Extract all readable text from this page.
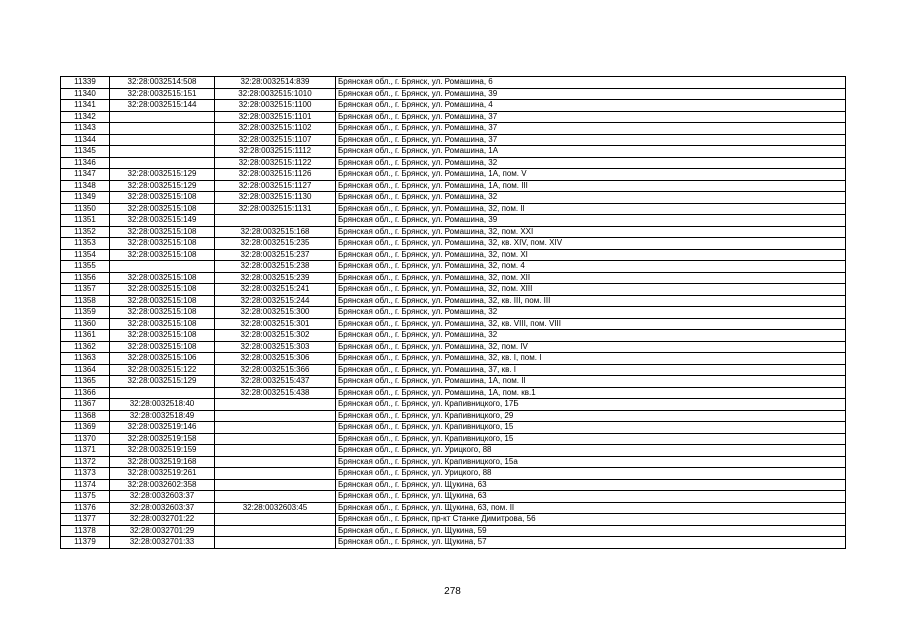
11339	32:28:0032514:508	32:28:0032514:839	Брянская обл., г. Брянск, ул. Ромашина, 6
11340	32:28:0032515:151	32:28:0032515:1010	Брянская обл., г. Брянск, ул. Ромашина, 39
11341	32:28:0032515:144	32:28:0032515:1100	Брянская обл., г. Брянск, ул. Ромашина, 4
11342		32:28:0032515:1101	Брянская обл., г. Брянск, ул. Ромашина, 37
11343		32:28:0032515:1102	Брянская обл., г. Брянск, ул. Ромашина, 37
11344		32:28:0032515:1107	Брянская обл., г. Брянск, ул. Ромашина, 37
11345		32:28:0032515:1112	Брянская обл., г. Брянск, ул. Ромашина, 1А
11346		32:28:0032515:1122	Брянская обл., г. Брянск, ул. Ромашина, 32
11347	32:28:0032515:129	32:28:0032515:1126	Брянская обл., г. Брянск, ул. Ромашина, 1А, пом. V
11348	32:28:0032515:129	32:28:0032515:1127	Брянская обл., г. Брянск, ул. Ромашина, 1А, пом. III
11349	32:28:0032515:108	32:28:0032515:1130	Брянская обл., г. Брянск, ул. Ромашина, 32
11350	32:28:0032515:108	32:28:0032515:1131	Брянская обл., г. Брянск, ул. Ромашина, 32, пом. II
11351	32:28:0032515:149		Брянская обл., г. Брянск, ул. Ромашина, 39
11352	32:28:0032515:108	32:28:0032515:168	Брянская обл., г. Брянск, ул. Ромашина, 32, пом. XXI
11353	32:28:0032515:108	32:28:0032515:235	Брянская обл., г. Брянск, ул. Ромашина, 32, кв. XIV, пом. XIV
11354	32:28:0032515:108	32:28:0032515:237	Брянская обл., г. Брянск, ул. Ромашина, 32, пом. XI
11355		32:28:0032515:238	Брянская обл., г. Брянск, ул. Ромашина, 32, пом. 4
11356	32:28:0032515:108	32:28:0032515:239	Брянская обл., г. Брянск, ул. Ромашина, 32, пом. XII
11357	32:28:0032515:108	32:28:0032515:241	Брянская обл., г. Брянск, ул. Ромашина, 32, пом. XIII
11358	32:28:0032515:108	32:28:0032515:244	Брянская обл., г. Брянск, ул. Ромашина, 32, кв. III, пом. III
11359	32:28:0032515:108	32:28:0032515:300	Брянская обл., г. Брянск, ул. Ромашина, 32
11360	32:28:0032515:108	32:28:0032515:301	Брянская обл., г. Брянск, ул. Ромашина, 32, кв. VIII, пом. VIII
11361	32:28:0032515:108	32:28:0032515:302	Брянская обл., г. Брянск, ул. Ромашина, 32
11362	32:28:0032515:108	32:28:0032515:303	Брянская обл., г. Брянск, ул. Ромашина, 32, пом. IV
11363	32:28:0032515:106	32:28:0032515:306	Брянская обл., г. Брянск, ул. Ромашина, 32, кв. I, пом. I
11364	32:28:0032515:122	32:28:0032515:366	Брянская обл., г. Брянск, ул. Ромашина, 37, кв. I
11365	32:28:0032515:129	32:28:0032515:437	Брянская обл., г. Брянск, ул. Ромашина, 1А, пом. II
11366		32:28:0032515:438	Брянская обл., г. Брянск, ул. Ромашина, 1А, пом. кв.1
11367	32:28:0032518:40		Брянская обл., г. Брянск, ул. Крапивницкого, 17Б
11368	32:28:0032518:49		Брянская обл., г. Брянск, ул. Крапивницкого, 29
11369	32:28:0032519:146		Брянская обл., г. Брянск, ул. Крапивницкого, 15
11370	32:28:0032519:158		Брянская обл., г. Брянск, ул. Крапивницкого, 15
11371	32:28:0032519:159		Брянская обл., г. Брянск, ул. Урицкого, 88
11372	32:28:0032519:168		Брянская обл., г. Брянск, ул. Крапивницкого, 15а
11373	32:28:0032519:261		Брянская обл., г. Брянск, ул. Урицкого, 88
11374	32:28:0032602:358		Брянская обл., г. Брянск, ул. Щукина, 63
11375	32:28:0032603:37		Брянская обл., г. Брянск, ул. Щукина, 63
11376	32:28:0032603:37	32:28:0032603:45	Брянская обл., г. Брянск, ул. Щукина, 63, пом. II
11377	32:28:0032701:22		Брянская обл., г. Брянск, пр-кт Станке Димитрова, 56
11378	32:28:0032701:29		Брянская обл., г. Брянск, ул. Щукина, 59
11379	32:28:0032701:33		Брянская обл., г. Брянск, ул. Щукина, 57
278
